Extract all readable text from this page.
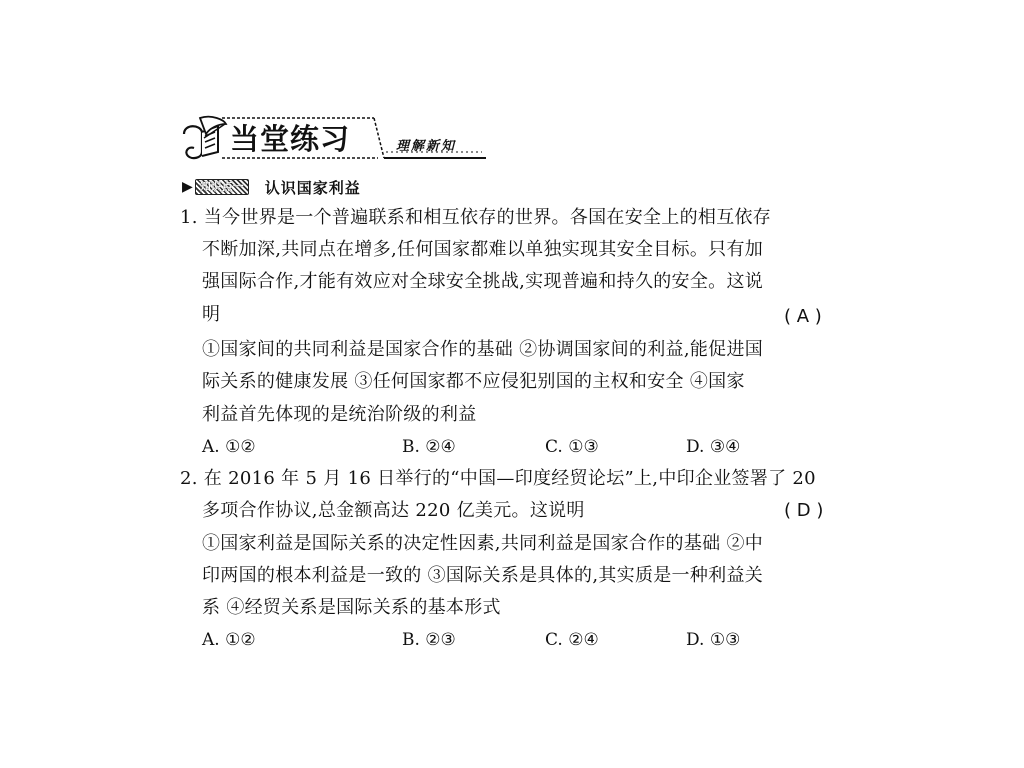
当堂练习	理解新知
▶ 知识点一	认识国家利益
1. 当今世界是一个普遍联系和相互依存的世界。各国在安全上的相互依存
不断加深,共同点在增多,任何国家都难以单独实现其安全目标。只有加
强国际合作,才能有效应对全球安全挑战,实现普遍和持久的安全。这说
明	( A )
①国家间的共同利益是国家合作的基础 ②协调国家间的利益,能促进国
际关系的健康发展 ③任何国家都不应侵犯别国的主权和安全 ④国家
利益首先体现的是统治阶级的利益
A. ①②	B. ②④	C. ①③	D. ③④
2. 在 2016 年 5 月 16 日举行的“中国—印度经贸论坛”上,中印企业签署了 20
多项合作协议,总金额高达 220 亿美元。这说明	( D )
①国家利益是国际关系的决定性因素,共同利益是国家合作的基础 ②中
印两国的根本利益是一致的 ③国际关系是具体的,其实质是一种利益关
系 ④经贸关系是国际关系的基本形式
A. ①②	B. ②③	C. ②④	D. ①③
